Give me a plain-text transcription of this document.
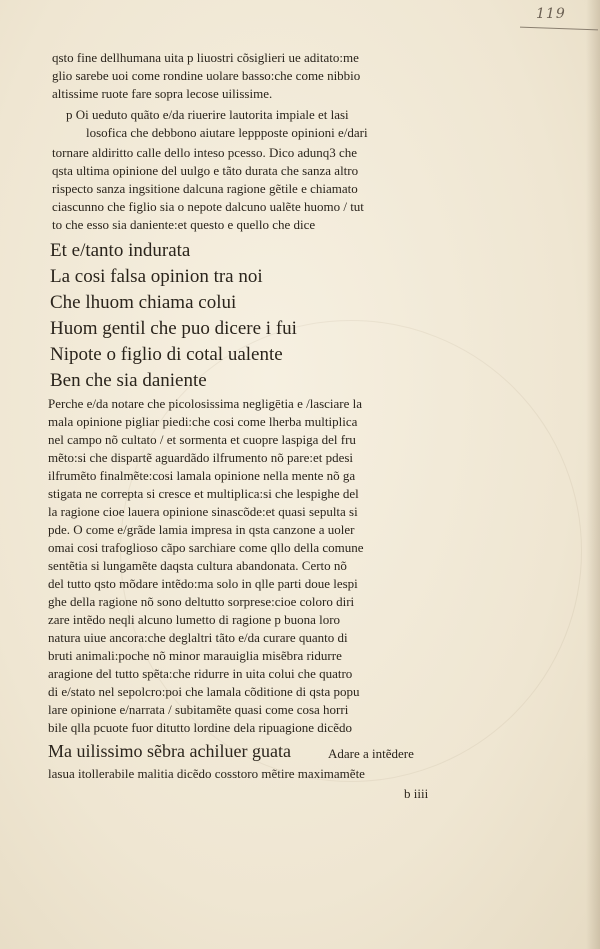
119
qsto fine dellhumana uita p liuostri cõsiglieri ue aditato:me
glio sarebe uoi come rondine uolare basso:che come nibbio
altissime ruote fare sopra lecose uilissime.
p Oi ueduto quãto e/da riuerire lautorita impiale et lasi
losofica che debbono aiutare leppposte opinioni e/dari
tornare aldiritto calle dello inteso pcesso. Dico adunq3 che
qsta ultima opinione del uulgo e tãto durata che sanza altro
rispecto sanza ingsitione dalcuna ragione gẽtile e chiamato
ciascunno che figlio sia o nepote dalcuno ualẽte huomo / tut
to che esso sia daniente:et questo e quello che dice
Et e/tanto indurata
La cosi falsa opinion tra noi
Che lhuom chiama colui
Huom gentil che puo dicere i fui
Nipote o figlio di cotal ualente
Ben che sia daniente
Perche e/da notare che picolosissima negligētia e /lasciare la
mala opinione pigliar piedi:che cosi come lherba multiplica
nel campo nõ cultato / et sormenta et cuopre laspiga del fru
mẽto:si che dispartẽ aguardãdo ilfrumento nõ pare:et pdesi
ilfrumẽto finalmẽte:cosi lamala opinione nella mente nõ ga
stigata ne correpta si cresce et multiplica:si che lespighe del
la ragione cioe lauera opinione sinascõde:et quasi sepulta si
pde. O come e/grãde lamia impresa in qsta canzone a uoler
omai cosi trafoglioso cãpo sarchiare come qllo della comune
sentẽtia si lungamẽte daqsta cultura abandonata. Certo nõ
del tutto qsto mõdare intẽdo:ma solo in qlle parti doue lespi
ghe della ragione nõ sono deltutto sorprese:cioe coloro diri
zare intẽdo neqli alcuno lumetto di ragione p buona loro
natura uiue ancora:che deglaltri tãto e/da curare quanto di
bruti animali:poche nõ minor marauiglia misẽbra ridurre
aragione del tutto spẽta:che ridurre in uita colui che quatro
di e/stato nel sepolcro:poi che lamala cõditione di qsta popu
lare opinione e/narrata / subitamẽte quasi come cosa horri
bile qlla pcuote fuor ditutto lordine dela ripuagione dicẽdo
Ma uilissimo sẽbra achiluer guata	Adare a intẽdere
lasua itollerabile malitia dicẽdo cosstoro mẽtire maximamẽte
b iiii
